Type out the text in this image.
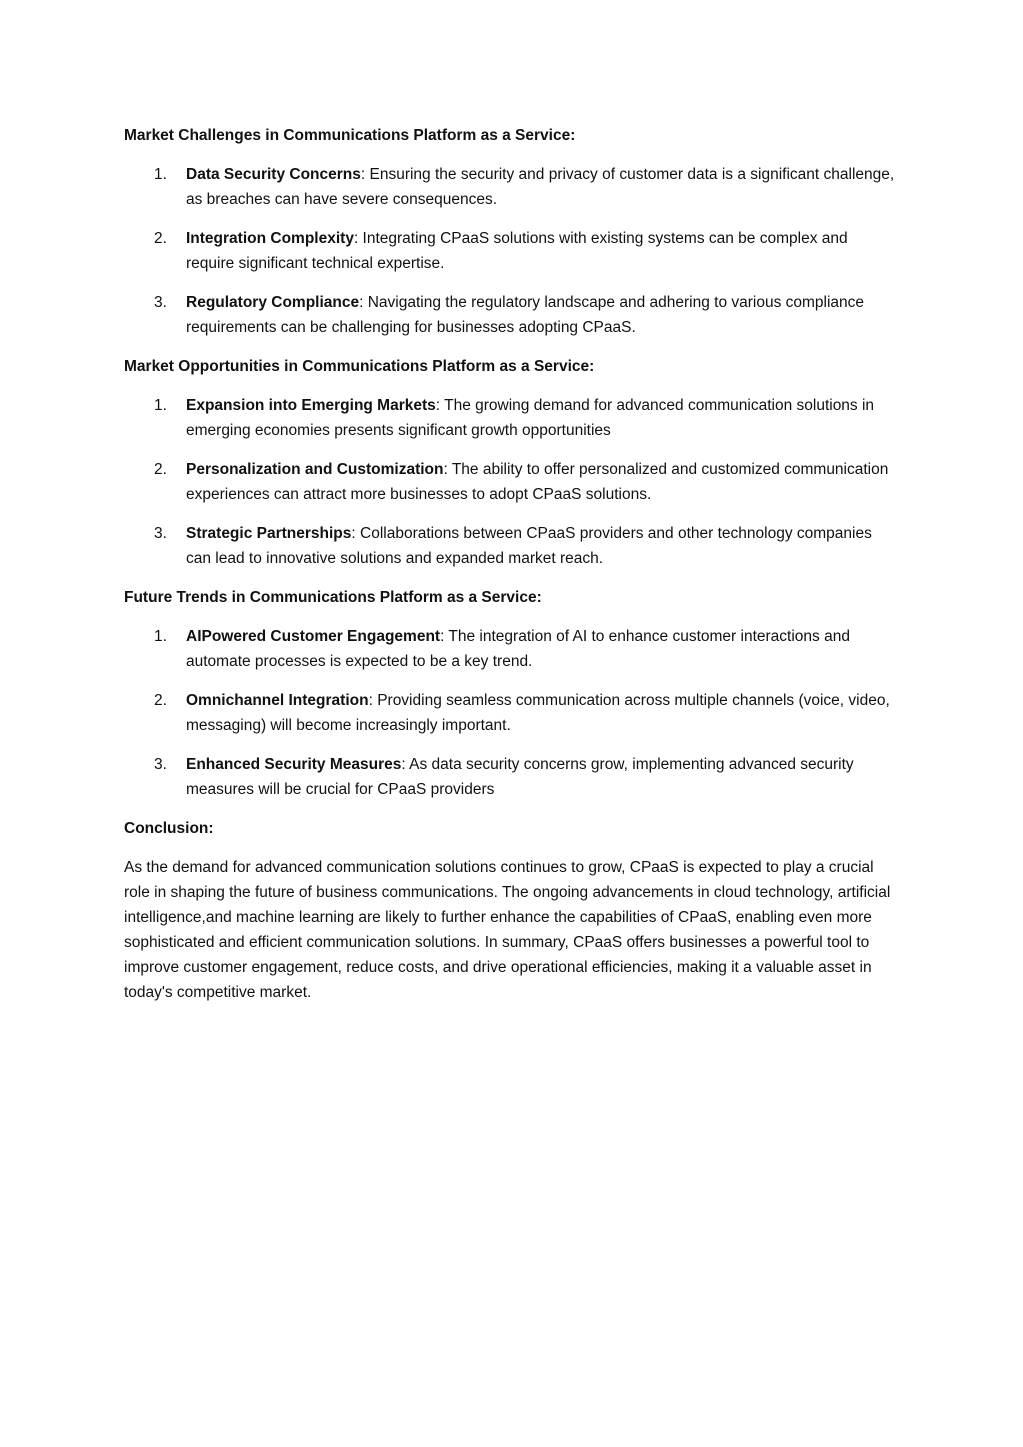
Market Challenges in Communications Platform as a Service:

1. Data Security Concerns: Ensuring the security and privacy of customer data is a significant challenge, as breaches can have severe consequences.
2. Integration Complexity: Integrating CPaaS solutions with existing systems can be complex and require significant technical expertise.
3. Regulatory Compliance: Navigating the regulatory landscape and adhering to various compliance requirements can be challenging for businesses adopting CPaaS.

Market Opportunities in Communications Platform as a Service:

1. Expansion into Emerging Markets: The growing demand for advanced communication solutions in emerging economies presents significant growth opportunities
2. Personalization and Customization: The ability to offer personalized and customized communication experiences can attract more businesses to adopt CPaaS solutions.
3. Strategic Partnerships: Collaborations between CPaaS providers and other technology companies can lead to innovative solutions and expanded market reach.

Future Trends in Communications Platform as a Service:

1. AIPowered Customer Engagement: The integration of AI to enhance customer interactions and automate processes is expected to be a key trend.
2. Omnichannel Integration: Providing seamless communication across multiple channels (voice, video, messaging) will become increasingly important.
3. Enhanced Security Measures: As data security concerns grow, implementing advanced security measures will be crucial for CPaaS providers

Conclusion:

As the demand for advanced communication solutions continues to grow, CPaaS is expected to play a crucial role in shaping the future of business communications. The ongoing advancements in cloud technology, artificial intelligence,and machine learning are likely to further enhance the capabilities of CPaaS, enabling even more sophisticated and efficient communication solutions. In summary, CPaaS offers businesses a powerful tool to improve customer engagement, reduce costs, and drive operational efficiencies, making it a valuable asset in today's competitive market.
